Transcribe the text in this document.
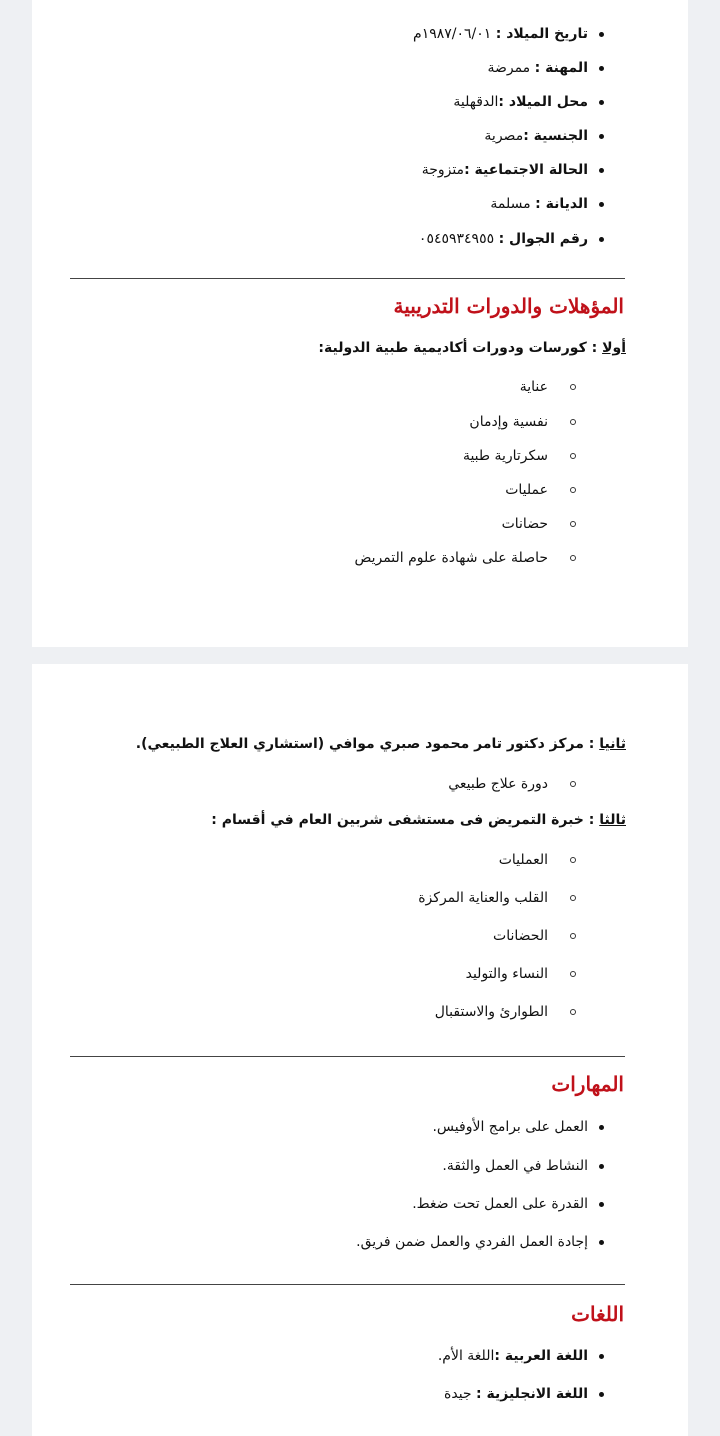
تاريخ الميلاد : ١٩٨٧/٠٦/٠١م
المهنة : ممرضة
محل الميلاد :الدقهلية
الجنسية :مصرية
الحالة الاجتماعية :متزوجة
الديانة : مسلمة
رقم الجوال : ٠٥٤٥٩٣٤٩٥٥
المؤهلات والدورات التدريبية

أولا : كورسات ودورات أكاديمية طبية الدولية:

عناية
نفسية وإدمان
سكرتارية طبية
عمليات
حضانات
حاصلة على شهادة علوم التمريض

ثانيا : مركز دكتور تامر محمود صبري موافي (استشاري العلاج الطبيعي).

دورة علاج طبيعي

ثالثا : خبرة التمريض فى مستشفى شربين العام في أقسام :

العمليات
القلب والعناية المركزة
الحضانات
النساء والتوليد
الطوارئ والاستقبال
المهارات
العمل على برامج الأوفيس.
النشاط في العمل والثقة.
القدرة على العمل تحت ضغط.
إجادة العمل الفردي والعمل ضمن فريق.
اللغات
اللغة العربية :اللغة الأم.
اللغة الانجليزية : جيدة
